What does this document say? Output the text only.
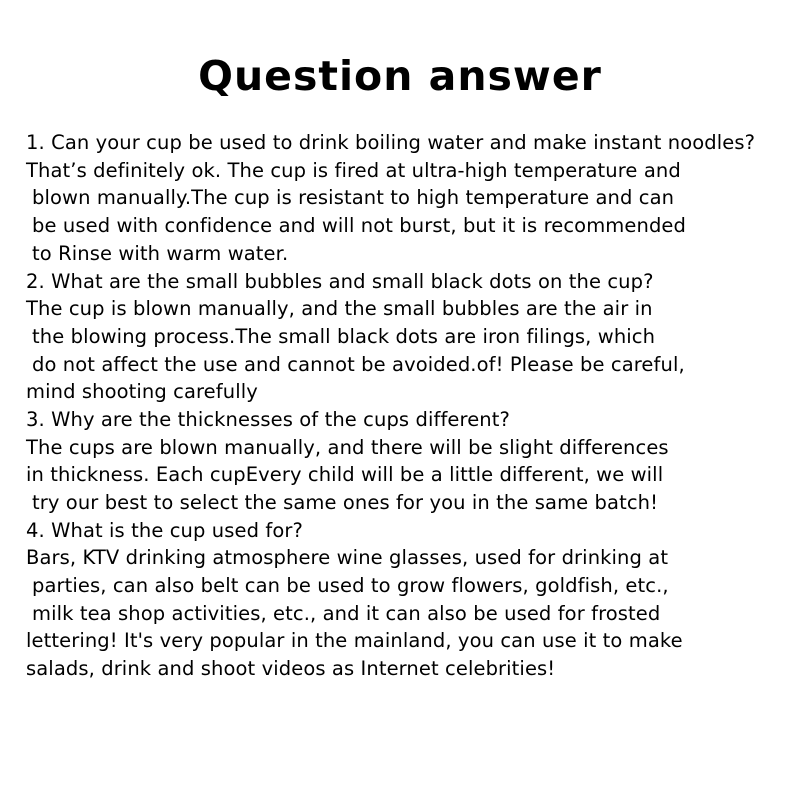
Question answer

1. Can your cup be used to drink boiling water and make instant noodles?

That’s definitely ok. The cup is fired at ultra-high temperature and
blown manually.The cup is resistant to high temperature and can
be used with confidence and will not burst, but it is recommended
to Rinse with warm water.

2. What are the small bubbles and small black dots on the cup?

The cup is blown manually, and the small bubbles are the air in
the blowing process.The small black dots are iron filings, which
do not affect the use and cannot be avoided.of! Please be careful,
mind shooting carefully

3. Why are the thicknesses of the cups different?

The cups are blown manually, and there will be slight differences
in thickness. Each cupEvery child will be a little different, we will
try our best to select the same ones for you in the same batch!

4. What is the cup used for?

Bars, KTV drinking atmosphere wine glasses, used for drinking at
parties, can also belt can be used to grow flowers, goldfish, etc.,
milk tea shop activities, etc., and it can also be used for frosted
lettering! It's very popular in the mainland, you can use it to make
salads, drink and shoot videos as Internet celebrities!
